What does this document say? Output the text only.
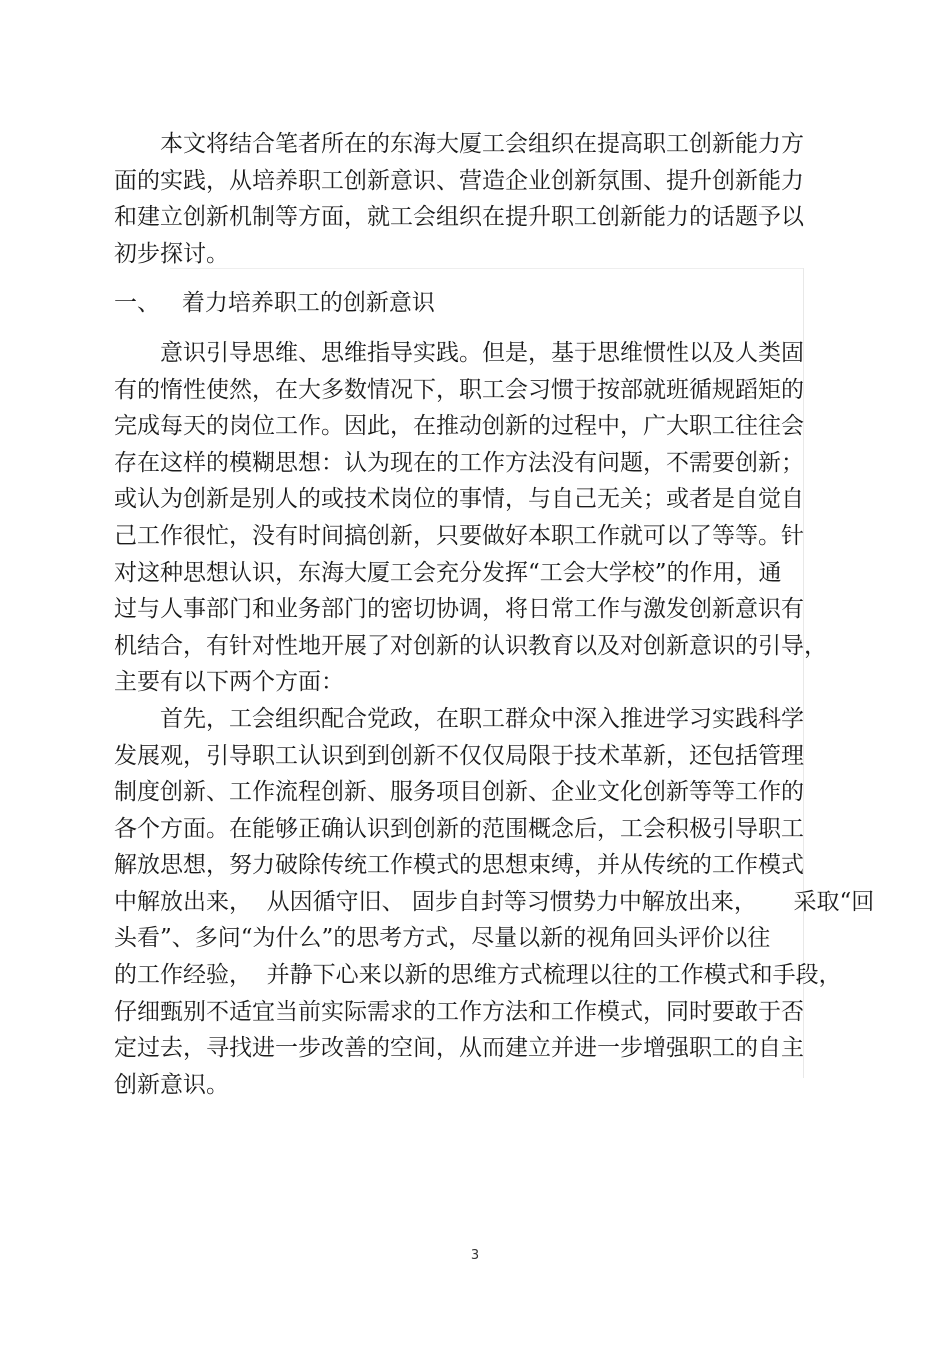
　　本文将结合笔者所在的东海大厦工会组织在提高职工创新能力方
面的实践，从培养职工创新意识、营造企业创新氛围、提升创新能力
和建立创新机制等方面，就工会组织在提升职工创新能力的话题予以
初步探讨。
一、   着力培养职工的创新意识
　　意识引导思维、思维指导实践。但是，基于思维惯性以及人类固
有的惰性使然，在大多数情况下，职工会习惯于按部就班循规蹈矩的
完成每天的岗位工作。因此，在推动创新的过程中，广大职工往往会
存在这样的模糊思想：认为现在的工作方法没有问题，不需要创新；
或认为创新是别人的或技术岗位的事情，与自己无关；或者是自觉自
己工作很忙，没有时间搞创新，只要做好本职工作就可以了等等。针
对这种思想认识，东海大厦工会充分发挥“工会大学校”的作用，通
过与人事部门和业务部门的密切协调，将日常工作与激发创新意识有
机结合，有针对性地开展了对创新的认识教育以及对创新意识的引导，
主要有以下两个方面：
　　首先，工会组织配合党政，在职工群众中深入推进学习实践科学
发展观，引导职工认识到到创新不仅仅局限于技术革新，还包括管理
制度创新、工作流程创新、服务项目创新、企业文化创新等等工作的
各个方面。在能够正确认识到创新的范围概念后，工会积极引导职工
解放思想，努力破除传统工作模式的思想束缚，并从传统的工作模式
中解放出来，  从因循守旧、 固步自封等习惯势力中解放出来，     采取“回
头看”、多问“为什么”的思考方式，尽量以新的视角回头评价以往
的工作经验，  并静下心来以新的思维方式梳理以往的工作模式和手段，
仔细甄别不适宜当前实际需求的工作方法和工作模式，同时要敢于否
定过去，寻找进一步改善的空间，从而建立并进一步增强职工的自主
创新意识。
3
